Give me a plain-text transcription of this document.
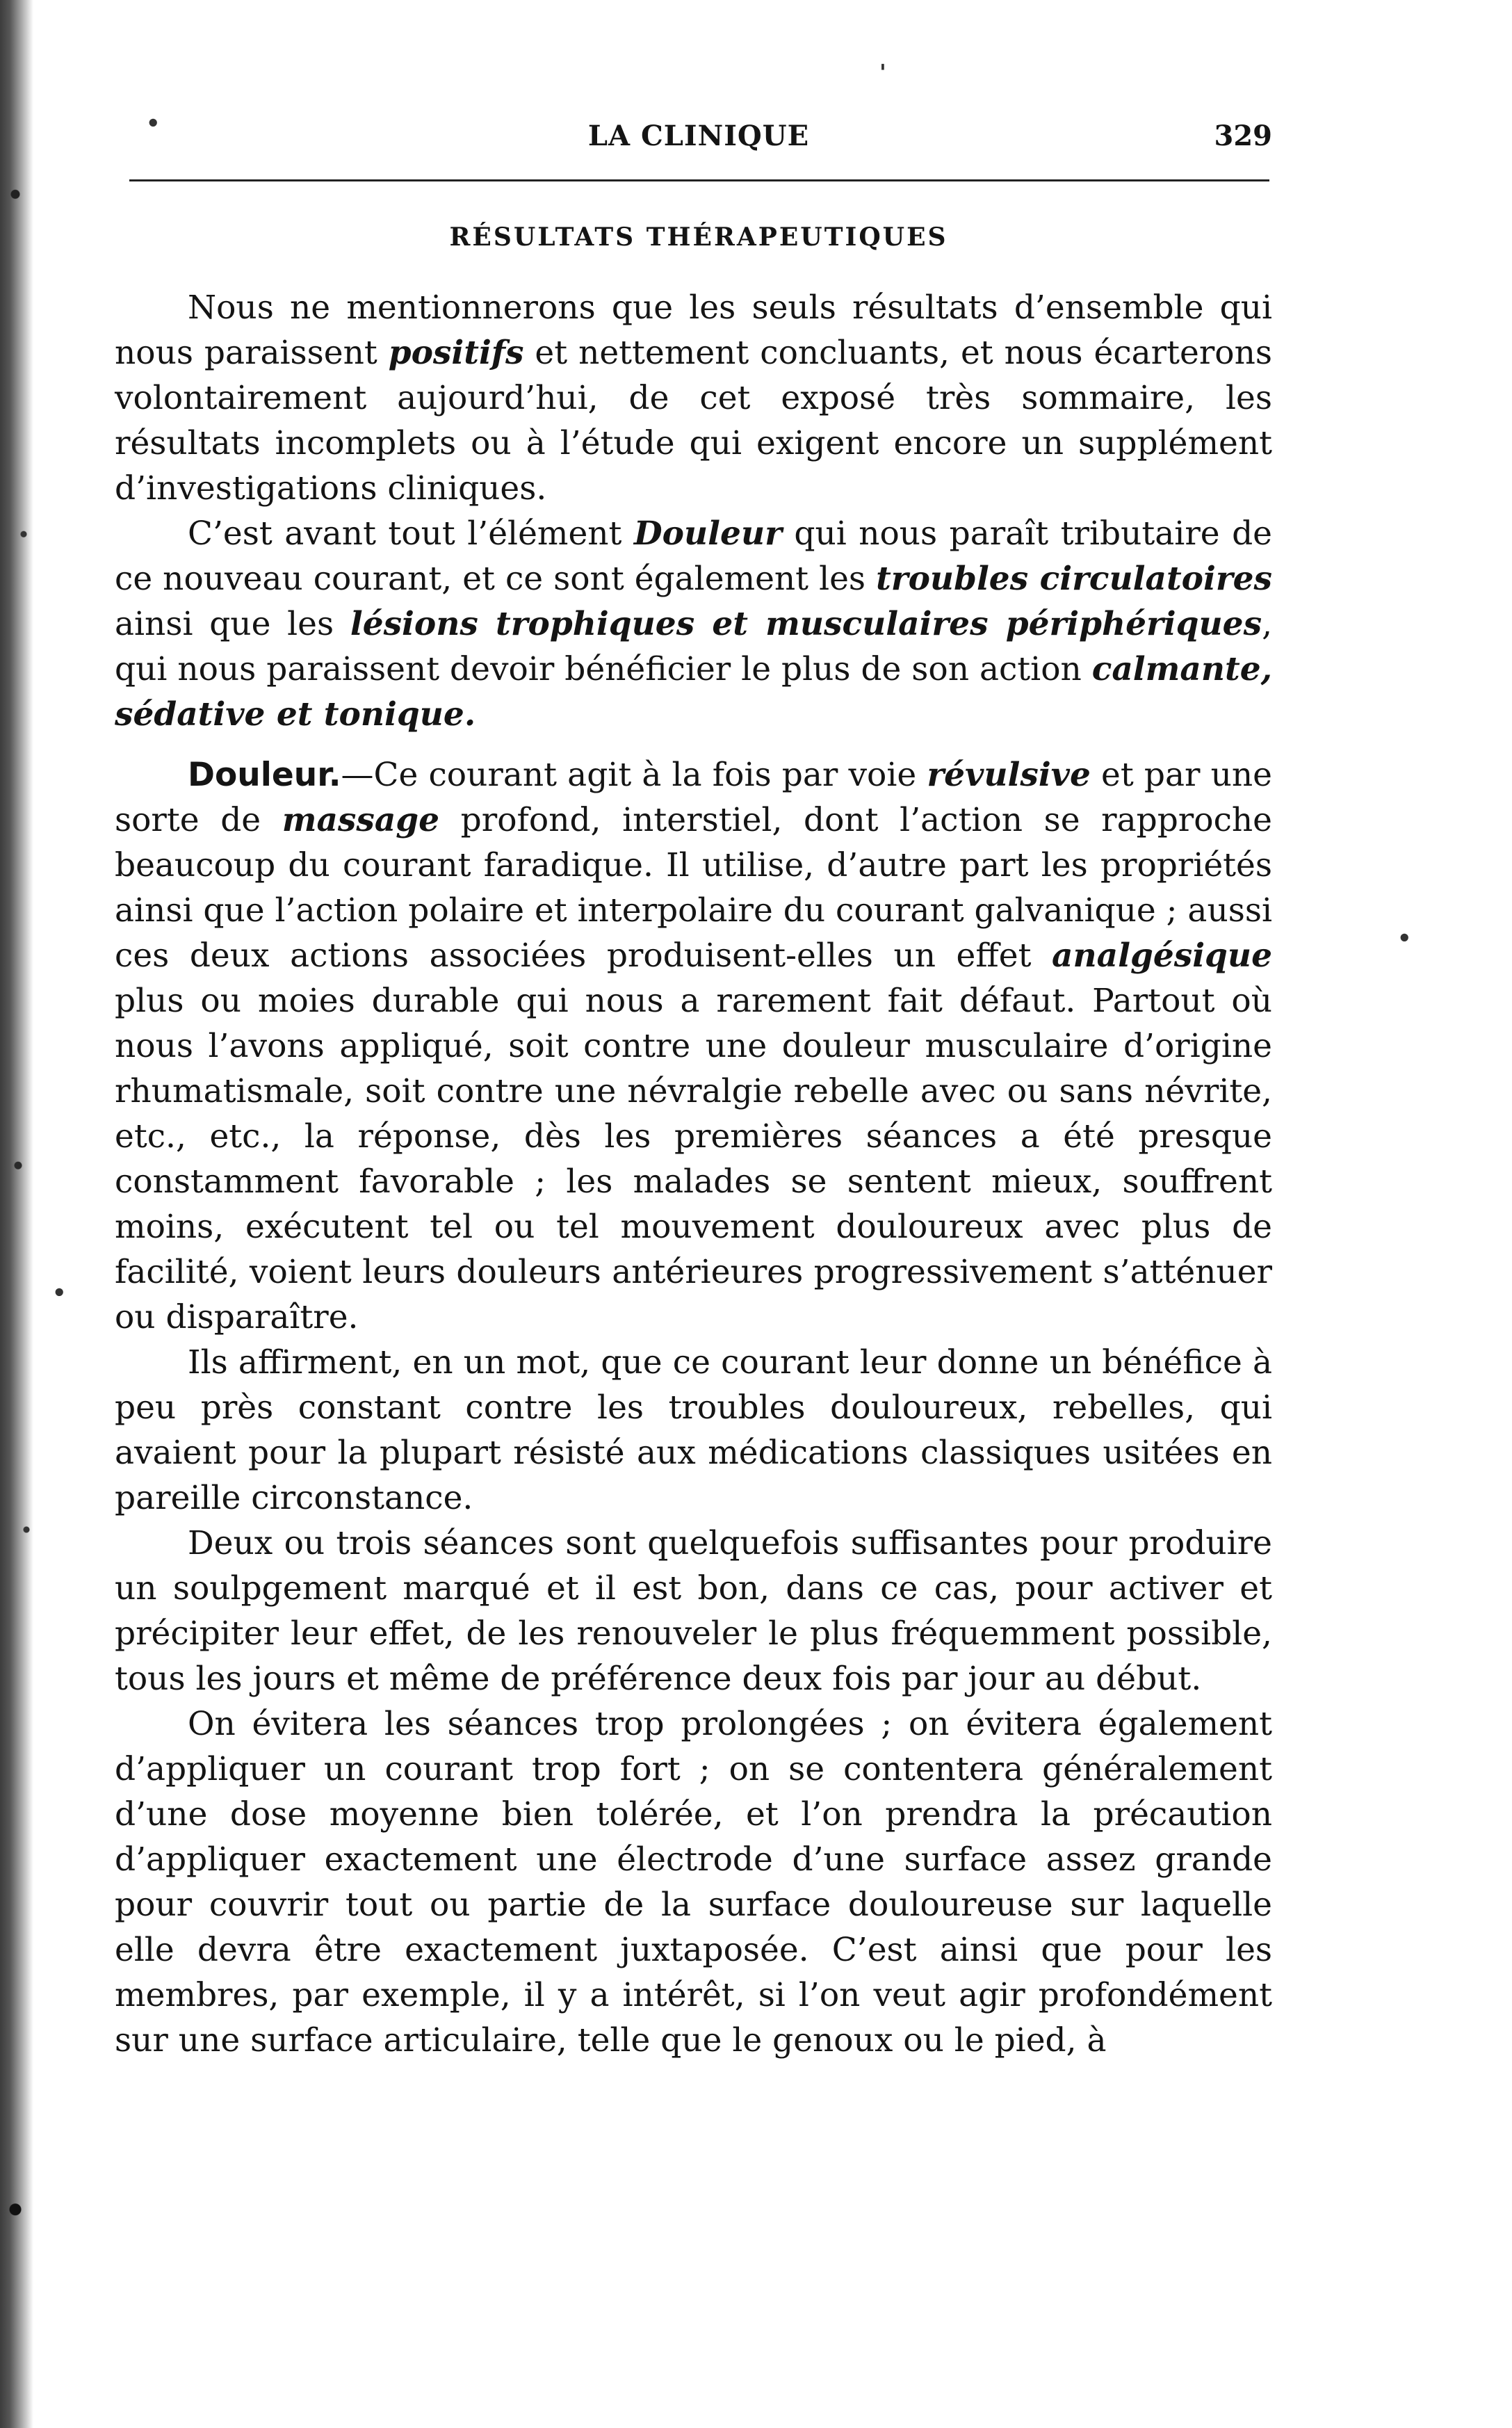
LA CLINIQUE	329
RÉSULTATS THÉRAPEUTIQUES

Nous ne mentionnerons que les seuls résultats d’ensemble qui nous paraissent positifs et nettement concluants, et nous écarterons volontairement aujourd’hui, de cet exposé très sommaire, les résultats incomplets ou à l’étude qui exigent encore un supplément d’investigations cliniques.

C’est avant tout l’élément Douleur qui nous paraît tributaire de ce nouveau courant, et ce sont également les troubles circulatoires ainsi que les lésions trophiques et musculaires périphériques, qui nous paraissent devoir bénéficier le plus de son action calmante, sédative et tonique.

Douleur.—Ce courant agit à la fois par voie révulsive et par une sorte de massage profond, interstiel, dont l’action se rapproche beaucoup du courant faradique. Il utilise, d’autre part les propriétés ainsi que l’action polaire et interpolaire du courant galvanique ; aussi ces deux actions associées produisent-elles un effet analgésique plus ou moies durable qui nous a rarement fait défaut. Partout où nous l’avons appliqué, soit contre une douleur musculaire d’origine rhumatismale, soit contre une névralgie rebelle avec ou sans névrite, etc., etc., la réponse, dès les premières séances a été presque constamment favorable ; les malades se sentent mieux, souffrent moins, exécutent tel ou tel mouvement douloureux avec plus de facilité, voient leurs douleurs antérieures progressivement s’atténuer ou disparaître.

Ils affirment, en un mot, que ce courant leur donne un bénéfice à peu près constant contre les troubles douloureux, rebelles, qui avaient pour la plupart résisté aux médications classiques usitées en pareille circonstance.

Deux ou trois séances sont quelquefois suffisantes pour produire un soulpgement marqué et il est bon, dans ce cas, pour activer et précipiter leur effet, de les renouveler le plus fréquemment possible, tous les jours et même de préférence deux fois par jour au début.

On évitera les séances trop prolongées ; on évitera également d’appliquer un courant trop fort ; on se contentera généralement d’une dose moyenne bien tolérée, et l’on prendra la précaution d’appliquer exactement une électrode d’une surface assez grande pour couvrir tout ou partie de la surface douloureuse sur laquelle elle devra être exactement juxtaposée. C’est ainsi que pour les membres, par exemple, il y a intérêt, si l’on veut agir profondément sur une surface articulaire, telle que le genoux ou le pied, à

'
•
•
•
